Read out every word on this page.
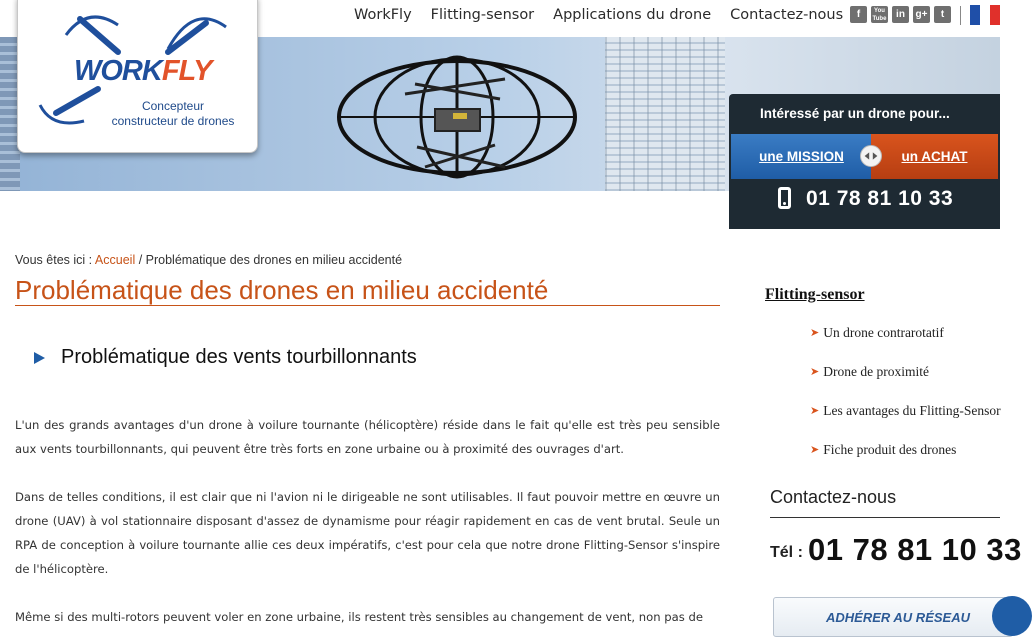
WorkFly Flitting-sensor Applications du drone Contactez-nous	f	You Tube in	g+	t
Intéressé par un drone pour...
une MISSION	un ACHAT
01 78 81 10 33
WORKFLY
Concepteur
constructeur de drones
Vous êtes ici : Accueil / Problématique des drones en milieu accidenté
Problématique des drones en milieu accidenté
Problématique des vents tourbillonnants

L'un des grands avantages d'un drone à voilure tournante (hélicoptère) réside dans le fait qu'elle est très peu sensible aux vents tourbillonnants, qui peuvent être très forts en zone urbaine ou à proximité des ouvrages d'art.

Dans de telles conditions, il est clair que ni l'avion ni le dirigeable ne sont utilisables. Il faut pouvoir mettre en œuvre un drone (UAV) à vol stationnaire disposant d'assez de dynamisme pour réagir rapidement en cas de vent brutal. Seule un RPA de conception à voilure tournante allie ces deux impératifs, c'est pour cela que notre drone Flitting-Sensor s'inspire de l'hélicoptère.

Même si des multi-rotors peuvent voler en zone urbaine, ils restent très sensibles au changement de vent, non pas de

Flitting-sensor
➤ Un drone contrarotatif
➤ Drone de proximité
➤ Les avantages du Flitting-Sensor
➤ Fiche produit des drones
Contactez-nous
Tél : 01 78 81 10 33
ADHÉRER AU RÉSEAU
